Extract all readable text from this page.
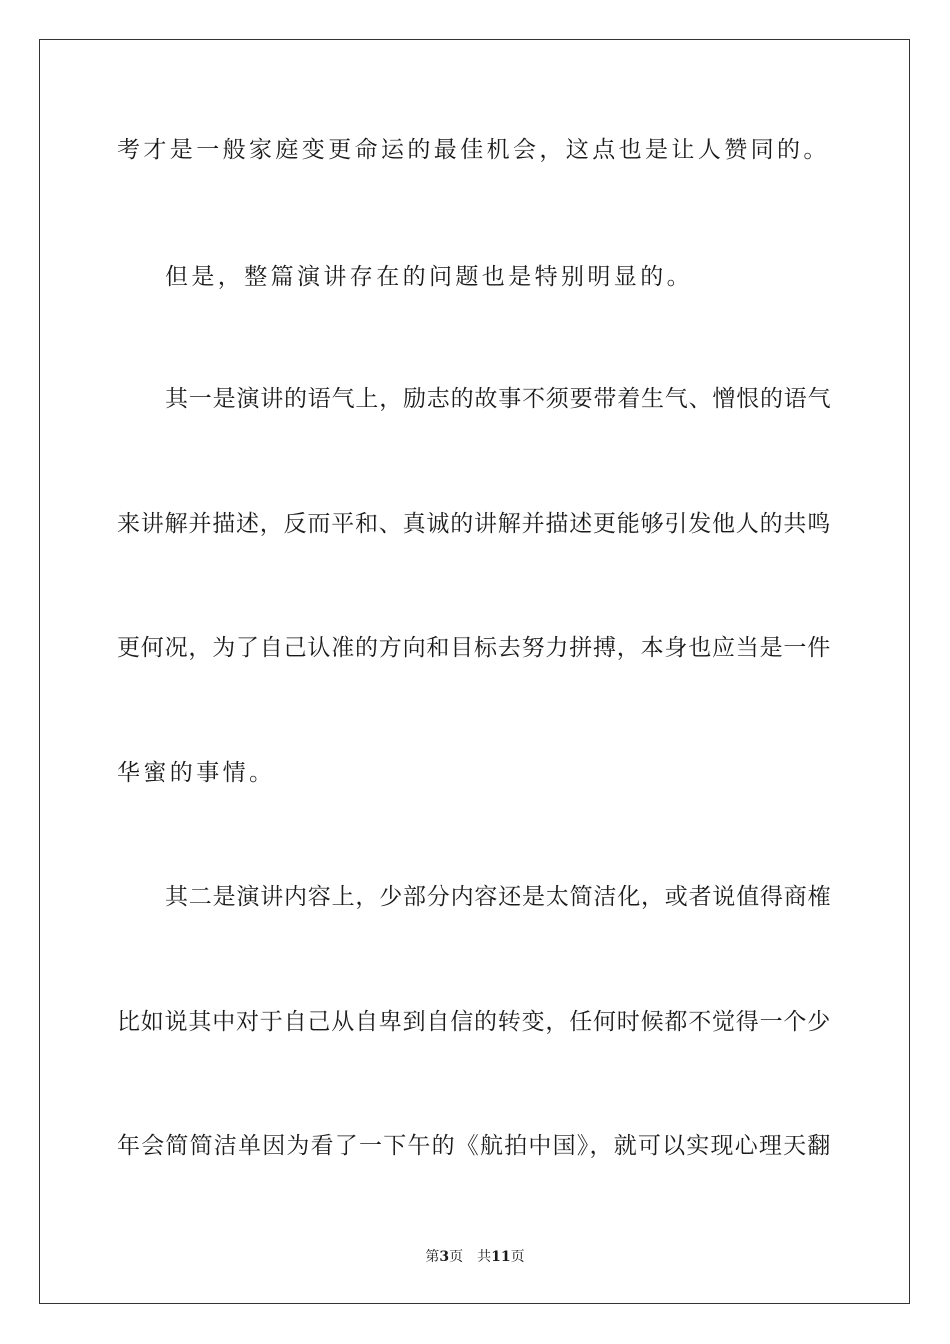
考才是一般家庭变更命运的最佳机会，这点也是让人赞同的。
但是，整篇演讲存在的问题也是特别明显的。
其一是演讲的语气上，励志的故事不须要带着生气、憎恨的语气
来讲解并描述，反而平和、真诚的讲解并描述更能够引发他人的共鸣
更何况，为了自己认准的方向和目标去努力拼搏，本身也应当是一件
华蜜的事情。
其二是演讲内容上，少部分内容还是太简洁化，或者说值得商榷
比如说其中对于自己从自卑到自信的转变，任何时候都不觉得一个少
年会简简洁单因为看了一下午的《航拍中国》，就可以实现心理天翻
第3页 共11页
